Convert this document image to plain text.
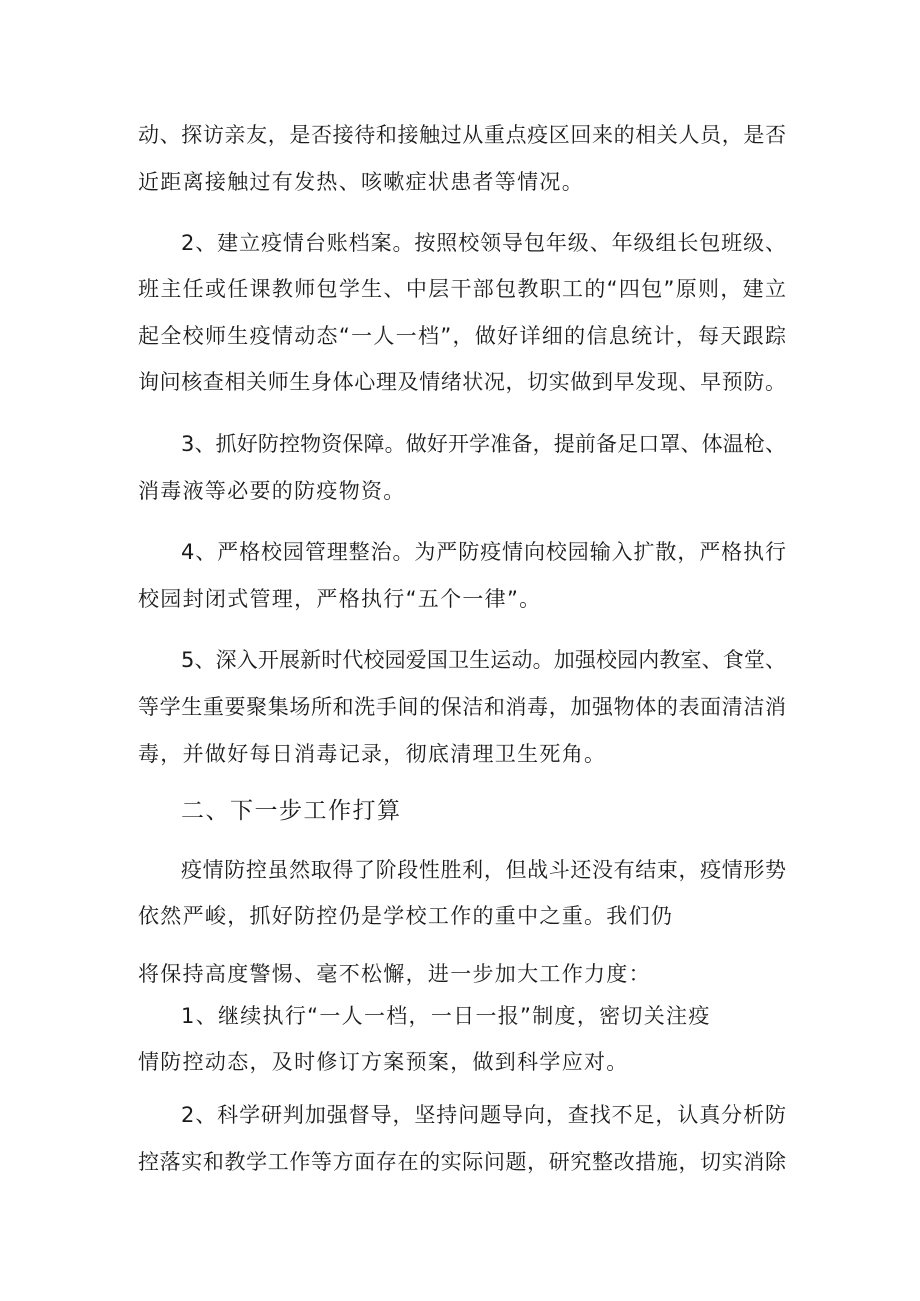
动、探访亲友，是否接待和接触过从重点疫区回来的相关人员，是否
近距离接触过有发热、咳嗽症状患者等情况。
2、建立疫情台账档案。按照校领导包年级、年级组长包班级、
班主任或任课教师包学生、中层干部包教职工的“四包”原则，建立
起全校师生疫情动态“一人一档”，做好详细的信息统计，每天跟踪
询问核查相关师生身体心理及情绪状况，切实做到早发现、早预防。
3、抓好防控物资保障。做好开学准备，提前备足口罩、体温枪、
消毒液等必要的防疫物资。
4、严格校园管理整治。为严防疫情向校园输入扩散，严格执行
校园封闭式管理，严格执行“五个一律”。
5、深入开展新时代校园爱国卫生运动。加强校园内教室、食堂、
等学生重要聚集场所和洗手间的保洁和消毒，加强物体的表面清洁消
毒，并做好每日消毒记录，彻底清理卫生死角。
二、下一步工作打算
疫情防控虽然取得了阶段性胜利，但战斗还没有结束，疫情形势
依然严峻，抓好防控仍是学校工作的重中之重。我们仍
将保持高度警惕、毫不松懈，进一步加大工作力度：
1、继续执行“一人一档，一日一报”制度，密切关注疫
情防控动态，及时修订方案预案，做到科学应对。
2、科学研判加强督导，坚持问题导向，查找不足，认真分析防
控落实和教学工作等方面存在的实际问题，研究整改措施，切实消除
